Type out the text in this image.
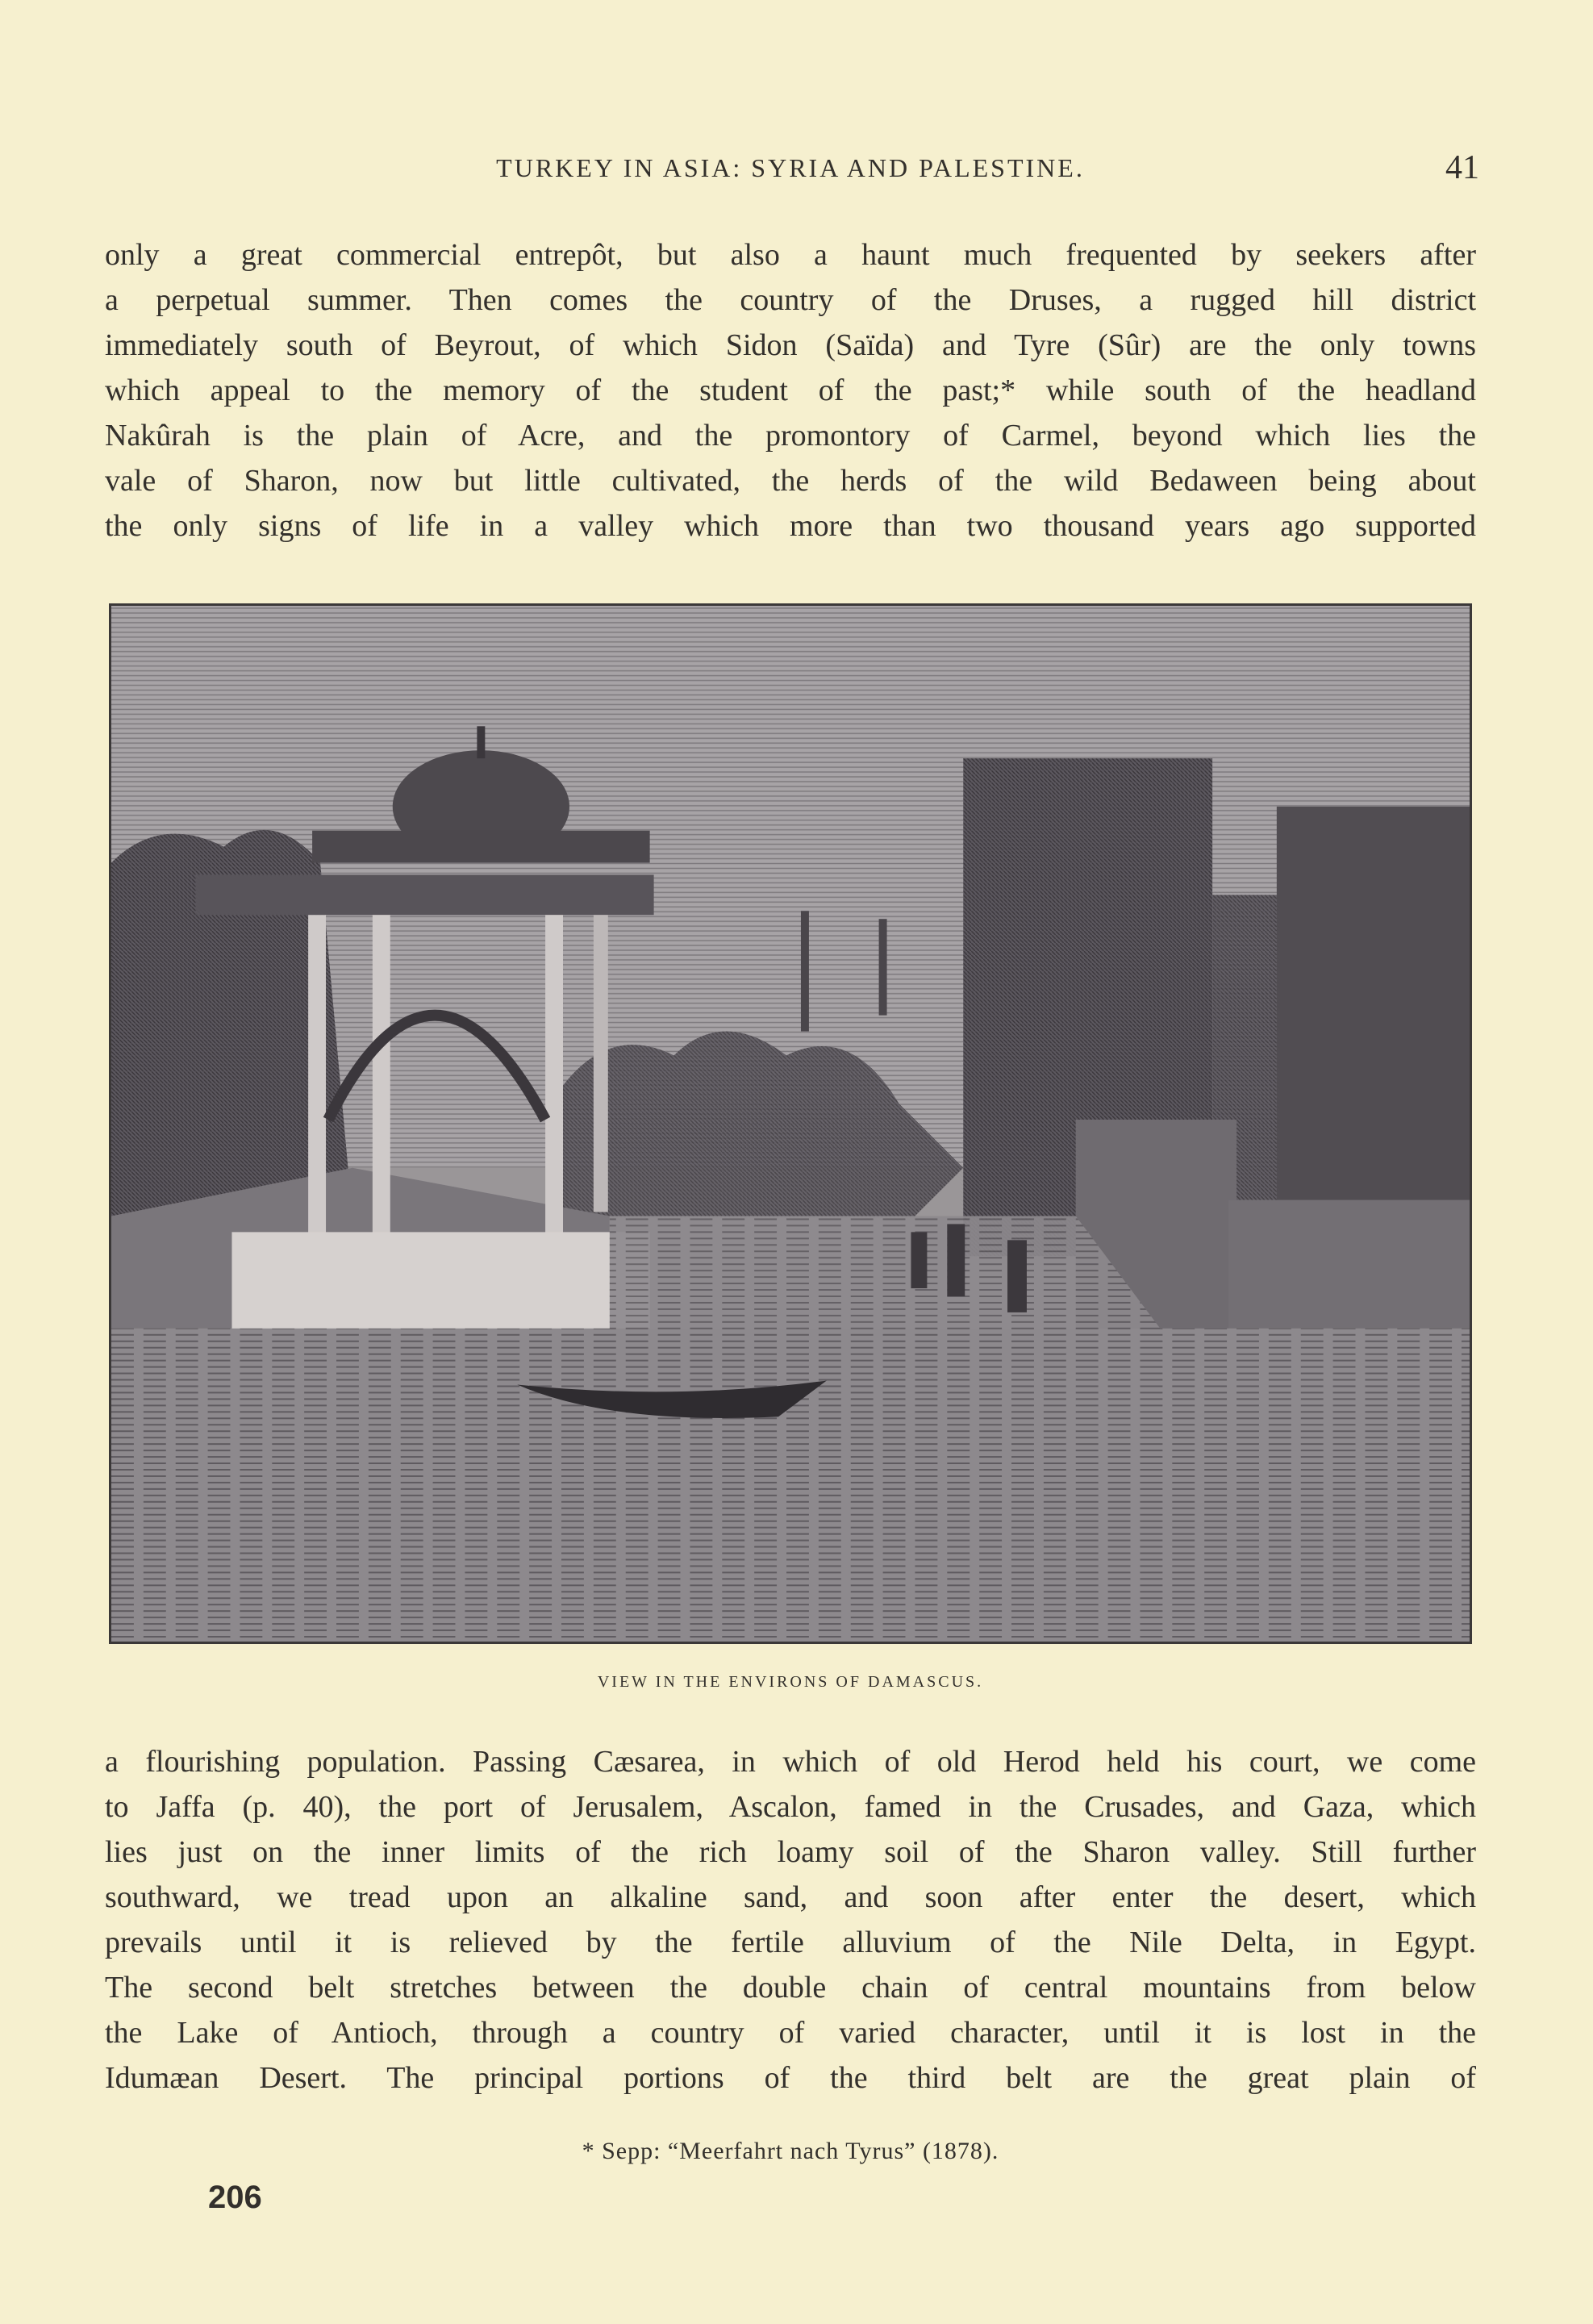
TURKEY IN ASIA: SYRIA AND PALESTINE.	41
only a great commercial entrepôt, but also a haunt much frequented by seekers after
a perpetual summer. Then comes the country of the Druses, a rugged hill district
immediately south of Beyrout, of which Sidon (Saïda) and Tyre (Sûr) are the only towns
which appeal to the memory of the student of the past;* while south of the headland
Nakûrah is the plain of Acre, and the promontory of Carmel, beyond which lies the
vale of Sharon, now but little cultivated, the herds of the wild Bedaween being about
the only signs of life in a valley which more than two thousand years ago supported
VIEW IN THE ENVIRONS OF DAMASCUS.
a flourishing population. Passing Cæsarea, in which of old Herod held his court, we come
to Jaffa (p. 40), the port of Jerusalem, Ascalon, famed in the Crusades, and Gaza, which
lies just on the inner limits of the rich loamy soil of the Sharon valley. Still further
southward, we tread upon an alkaline sand, and soon after enter the desert, which
prevails until it is relieved by the fertile alluvium of the Nile Delta, in Egypt.
The second belt stretches between the double chain of central mountains from below
the Lake of Antioch, through a country of varied character, until it is lost in the
Idumæan Desert. The principal portions of the third belt are the great plain of
* Sepp: “Meerfahrt nach Tyrus” (1878).
206
